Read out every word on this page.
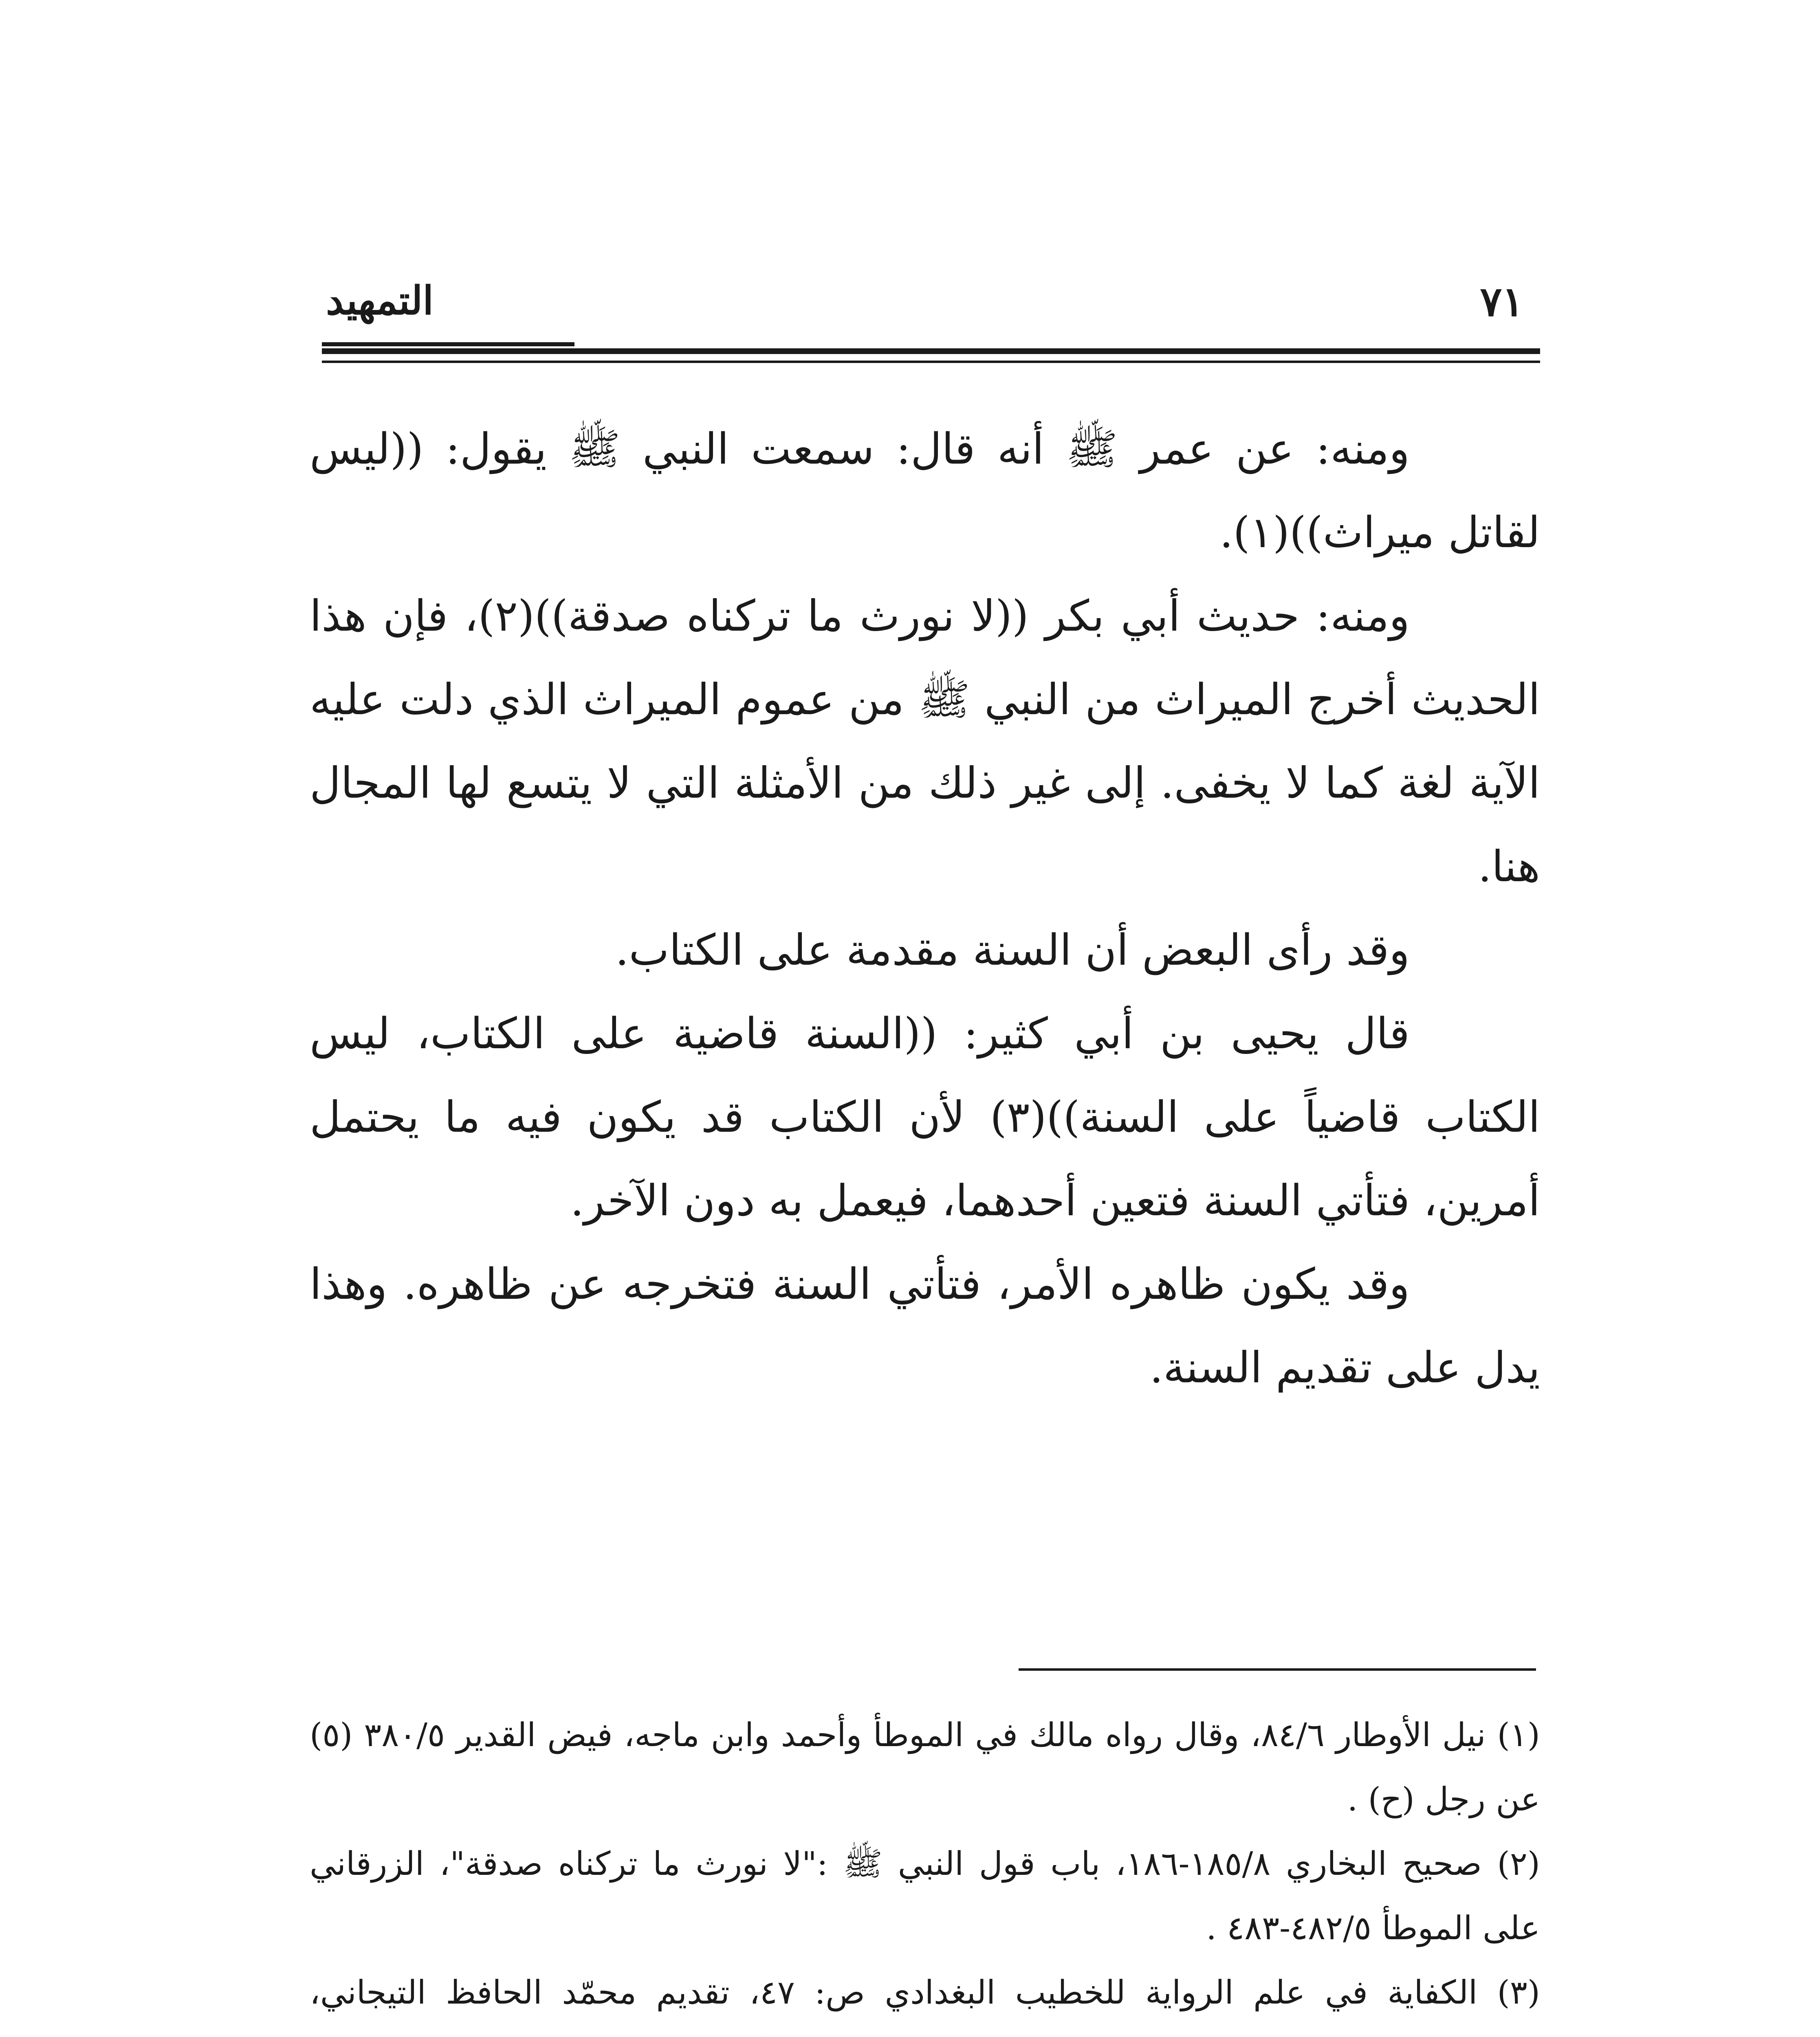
٧١
التمهيد

ومنه: عن عمر ﷺ أنه قال: سمعت النبي ﷺ يقول: ((ليس لقاتل ميراث))(١).

ومنه: حديث أبي بكر ((لا نورث ما تركناه صدقة))(٢)، فإن هذا الحديث أخرج الميراث من النبي ﷺ من عموم الميراث الذي دلت عليه الآية لغة كما لا يخفى. إلى غير ذلك من الأمثلة التي لا يتسع لها المجال هنا.

وقد رأى البعض أن السنة مقدمة على الكتاب.

قال يحيى بن أبي كثير: ((السنة قاضية على الكتاب، ليس الكتاب قاضياً على السنة))(٣) لأن الكتاب قد يكون فيه ما يحتمل أمرين، فتأتي السنة فتعين أحدهما، فيعمل به دون الآخر.

وقد يكون ظاهره الأمر، فتأتي السنة فتخرجه عن ظاهره. وهذا يدل على تقديم السنة.

(١) نيل الأوطار ٨٤/٦، وقال رواه مالك في الموطأ وأحمد وابن ماجه، فيض القدير ٣٨٠/٥ (٥) عن رجل (ح) .

(٢) صحيح البخاري ١٨٥/٨-١٨٦، باب قول النبي ﷺ :"لا نورث ما تركناه صدقة"، الزرقاني على الموطأ ٤٨٢/٥-٤٨٣ .

(٣) الكفاية في علم الرواية للخطيب البغدادي ص: ٤٧، تقديم محمّد الحافظ التيجاني،
